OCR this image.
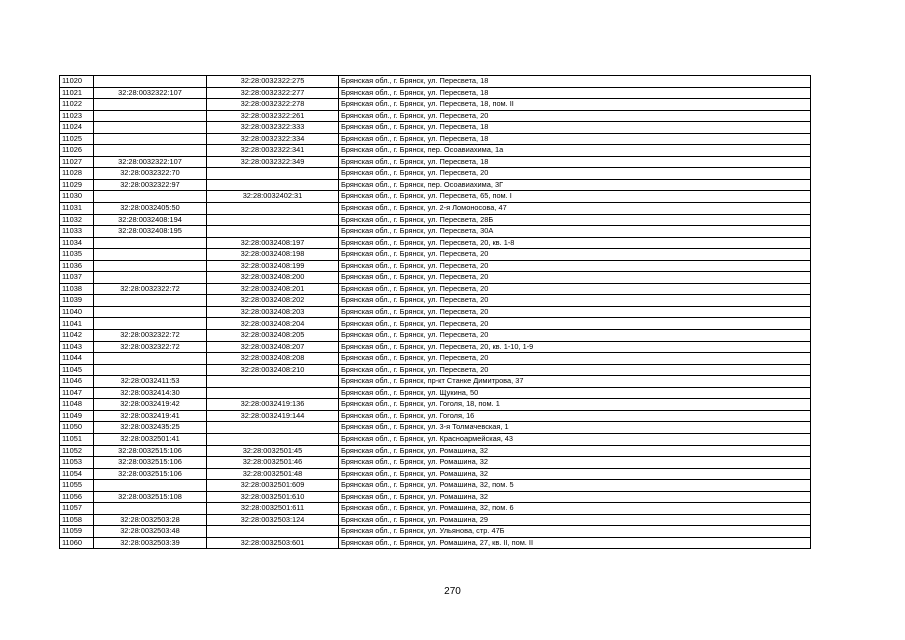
11020		32:28:0032322:275	Брянская обл., г. Брянск, ул. Пересвета, 18
11021	32:28:0032322:107	32:28:0032322:277	Брянская обл., г. Брянск, ул. Пересвета, 18
11022		32:28:0032322:278	Брянская обл., г. Брянск, ул. Пересвета, 18, пом. II
11023		32:28:0032322:261	Брянская обл., г. Брянск, ул. Пересвета, 20
11024		32:28:0032322:333	Брянская обл., г. Брянск, ул. Пересвета, 18
11025		32:28:0032322:334	Брянская обл., г. Брянск, ул. Пересвета, 18
11026		32:28:0032322:341	Брянская обл., г. Брянск, пер. Осоавиахима, 1а
11027	32:28:0032322:107	32:28:0032322:349	Брянская обл., г. Брянск, ул. Пересвета, 18
11028	32:28:0032322:70		Брянская обл., г. Брянск, ул. Пересвета, 20
11029	32:28:0032322:97		Брянская обл., г. Брянск, пер. Осоавиахима, 3Г
11030		32:28:0032402:31	Брянская обл., г. Брянск, ул. Пересвета, 65, пом. I
11031	32:28:0032405:50		Брянская обл., г. Брянск, ул. 2-я Ломоносова, 47
11032	32:28:0032408:194		Брянская обл., г. Брянск, ул. Пересвета, 28Б
11033	32:28:0032408:195		Брянская обл., г. Брянск, ул. Пересвета, 30А
11034		32:28:0032408:197	Брянская обл., г. Брянск, ул. Пересвета, 20, кв. 1-8
11035		32:28:0032408:198	Брянская обл., г. Брянск, ул. Пересвета, 20
11036		32:28:0032408:199	Брянская обл., г. Брянск, ул. Пересвета, 20
11037		32:28:0032408:200	Брянская обл., г. Брянск, ул. Пересвета, 20
11038	32:28:0032322:72	32:28:0032408:201	Брянская обл., г. Брянск, ул. Пересвета, 20
11039		32:28:0032408:202	Брянская обл., г. Брянск, ул. Пересвета, 20
11040		32:28:0032408:203	Брянская обл., г. Брянск, ул. Пересвета, 20
11041		32:28:0032408:204	Брянская обл., г. Брянск, ул. Пересвета, 20
11042	32:28:0032322:72	32:28:0032408:205	Брянская обл., г. Брянск, ул. Пересвета, 20
11043	32:28:0032322:72	32:28:0032408:207	Брянская обл., г. Брянск, ул. Пересвета, 20, кв. 1-10, 1-9
11044		32:28:0032408:208	Брянская обл., г. Брянск, ул. Пересвета, 20
11045		32:28:0032408:210	Брянская обл., г. Брянск, ул. Пересвета, 20
11046	32:28:0032411:53		Брянская обл., г. Брянск, пр-кт Станке Димитрова, 37
11047	32:28:0032414:30		Брянская обл., г. Брянск, ул. Щукина, 50
11048	32:28:0032419:42	32:28:0032419:136	Брянская обл., г. Брянск, ул. Гоголя, 18, пом. 1
11049	32:28:0032419:41	32:28:0032419:144	Брянская обл., г. Брянск, ул. Гоголя, 16
11050	32:28:0032435:25		Брянская обл., г. Брянск, ул. 3-я Толмачевская, 1
11051	32:28:0032501:41		Брянская обл., г. Брянск, ул. Красноармейская, 43
11052	32:28:0032515:106	32:28:0032501:45	Брянская обл., г. Брянск, ул. Ромашина, 32
11053	32:28:0032515:106	32:28:0032501:46	Брянская обл., г. Брянск, ул. Ромашина, 32
11054	32:28:0032515:106	32:28:0032501:48	Брянская обл., г. Брянск, ул. Ромашина, 32
11055		32:28:0032501:609	Брянская обл., г. Брянск, ул. Ромашина, 32, пом. 5
11056	32:28:0032515:108	32:28:0032501:610	Брянская обл., г. Брянск, ул. Ромашина, 32
11057		32:28:0032501:611	Брянская обл., г. Брянск, ул. Ромашина, 32, пом. 6
11058	32:28:0032503:28	32:28:0032503:124	Брянская обл., г. Брянск, ул. Ромашина, 29
11059	32:28:0032503:48		Брянская обл., г. Брянск, ул. Ульянова, стр. 47Б
11060	32:28:0032503:39	32:28:0032503:601	Брянская обл., г. Брянск, ул. Ромашина, 27, кв. II, пом. II
270
